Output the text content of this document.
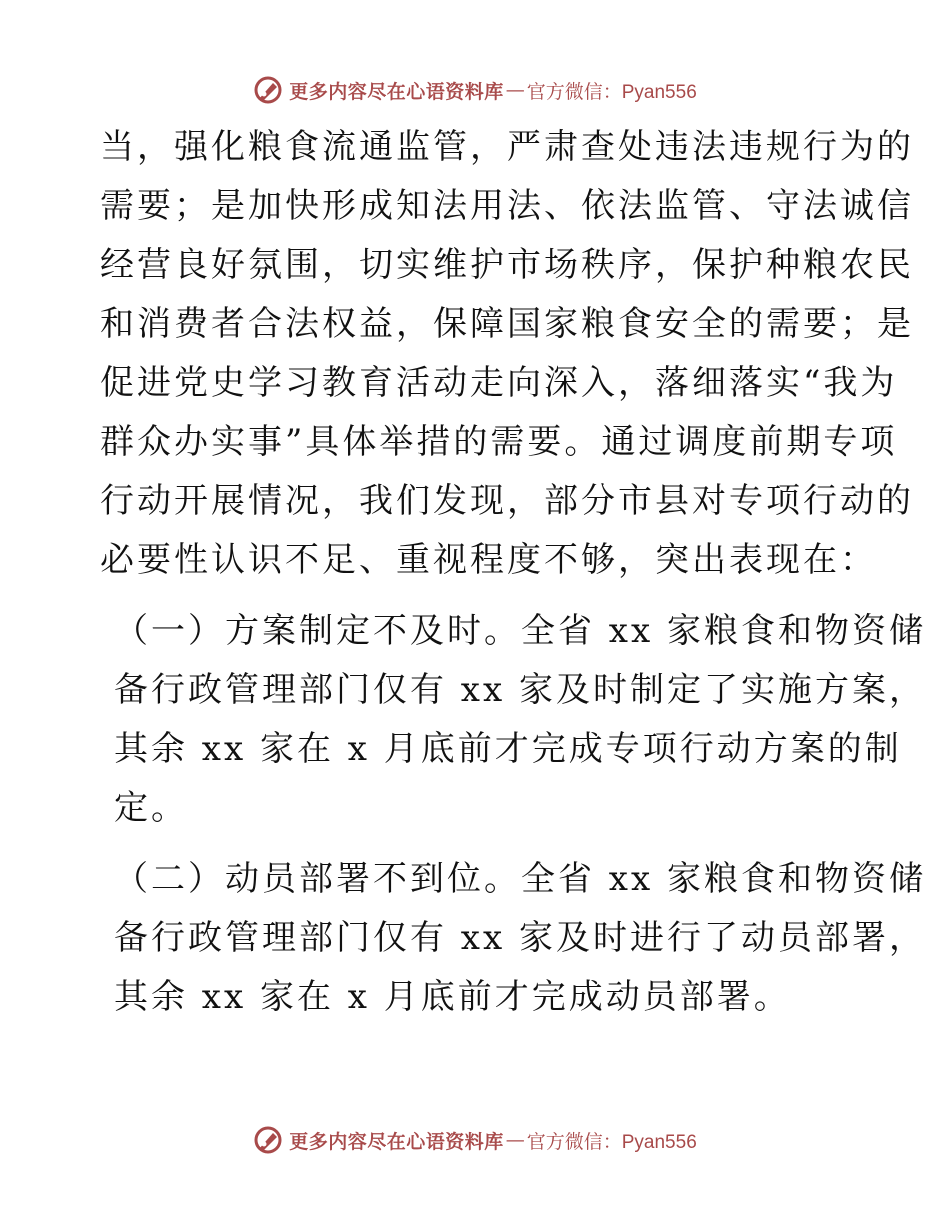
更多内容尽在心语资料库 — 官方微信：Pyan556
当，强化粮食流通监管，严肃查处违法违规行为的
需要；是加快形成知法用法、依法监管、守法诚信
经营良好氛围，切实维护市场秩序，保护种粮农民
和消费者合法权益，保障国家粮食安全的需要；是
促进党史学习教育活动走向深入，落细落实“我为
群众办实事”具体举措的需要。通过调度前期专项
行动开展情况，我们发现，部分市县对专项行动的
必要性认识不足、重视程度不够，突出表现在：
（一）方案制定不及时。全省 xx 家粮食和物资储
备行政管理部门仅有 xx 家及时制定了实施方案，
其余 xx 家在 x 月底前才完成专项行动方案的制
定。
（二）动员部署不到位。全省 xx 家粮食和物资储
备行政管理部门仅有 xx 家及时进行了动员部署，
其余 xx 家在 x 月底前才完成动员部署。
更多内容尽在心语资料库 — 官方微信：Pyan556
